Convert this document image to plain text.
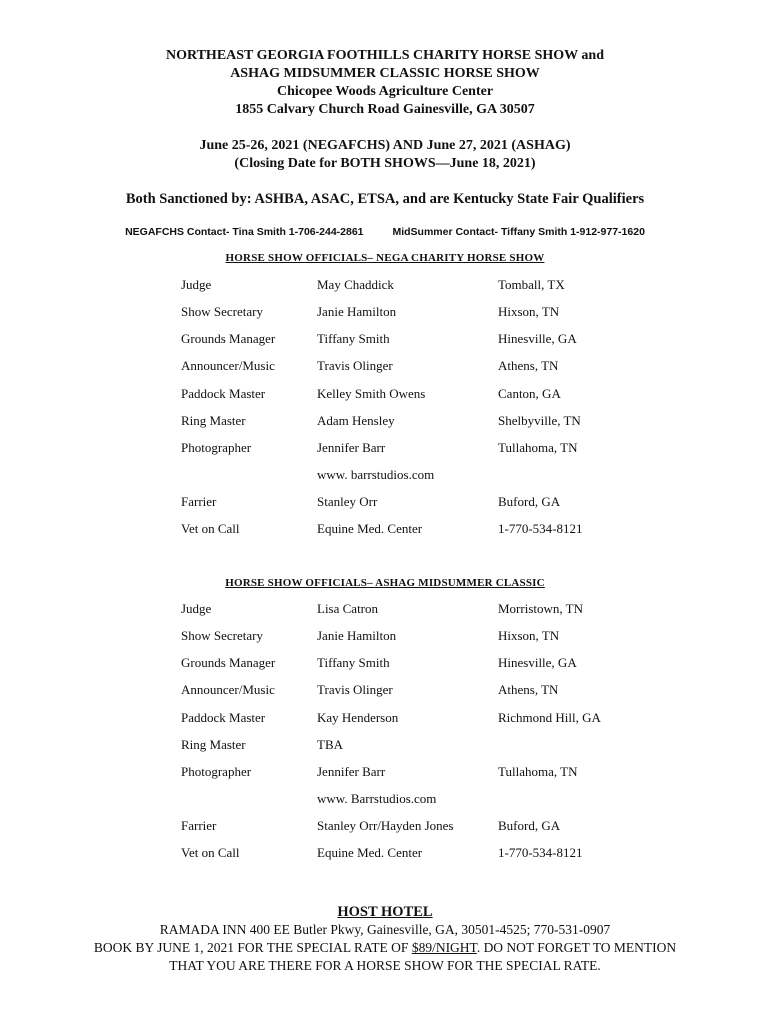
NORTHEAST GEORGIA FOOTHILLS CHARITY HORSE SHOW and
ASHAG MIDSUMMER CLASSIC HORSE SHOW
Chicopee Woods Agriculture Center
1855 Calvary Church Road Gainesville, GA 30507
June 25-26, 2021 (NEGAFCHS) AND June 27, 2021 (ASHAG)
(Closing Date for BOTH SHOWS—June 18, 2021)
Both Sanctioned by: ASHBA, ASAC, ETSA, and are Kentucky State Fair Qualifiers
NEGAFCHS Contact- Tina Smith 1-706-244-2861	MidSummer Contact- Tiffany Smith 1-912-977-1620
HORSE SHOW OFFICIALS– NEGA CHARITY HORSE SHOW
Judge	May Chaddick	Tomball, TX
Show Secretary	Janie Hamilton	Hixson, TN
Grounds Manager	Tiffany Smith	Hinesville, GA
Announcer/Music	Travis Olinger	Athens, TN
Paddock Master	Kelley Smith Owens	Canton, GA
Ring Master	Adam Hensley	Shelbyville, TN
Photographer	Jennifer Barr	Tullahoma, TN
www. barrstudios.com
Farrier	Stanley Orr	Buford, GA
Vet on Call	Equine Med. Center	1-770-534-8121
HORSE SHOW OFFICIALS– ASHAG MIDSUMMER CLASSIC
Judge	Lisa Catron	Morristown, TN
Show Secretary	Janie Hamilton	Hixson, TN
Grounds Manager	Tiffany Smith	Hinesville, GA
Announcer/Music	Travis Olinger	Athens, TN
Paddock Master	Kay Henderson	Richmond Hill, GA
Ring Master	TBA
Photographer	Jennifer Barr	Tullahoma, TN
www. Barrstudios.com
Farrier	Stanley Orr/Hayden Jones	Buford, GA
Vet on Call	Equine Med. Center	1-770-534-8121
HOST HOTEL
RAMADA INN 400 EE Butler Pkwy, Gainesville, GA, 30501-4525; 770-531-0907
BOOK BY JUNE 1, 2021 FOR THE SPECIAL RATE OF $89/NIGHT. DO NOT FORGET TO MENTION
THAT YOU ARE THERE FOR A HORSE SHOW FOR THE SPECIAL RATE.
